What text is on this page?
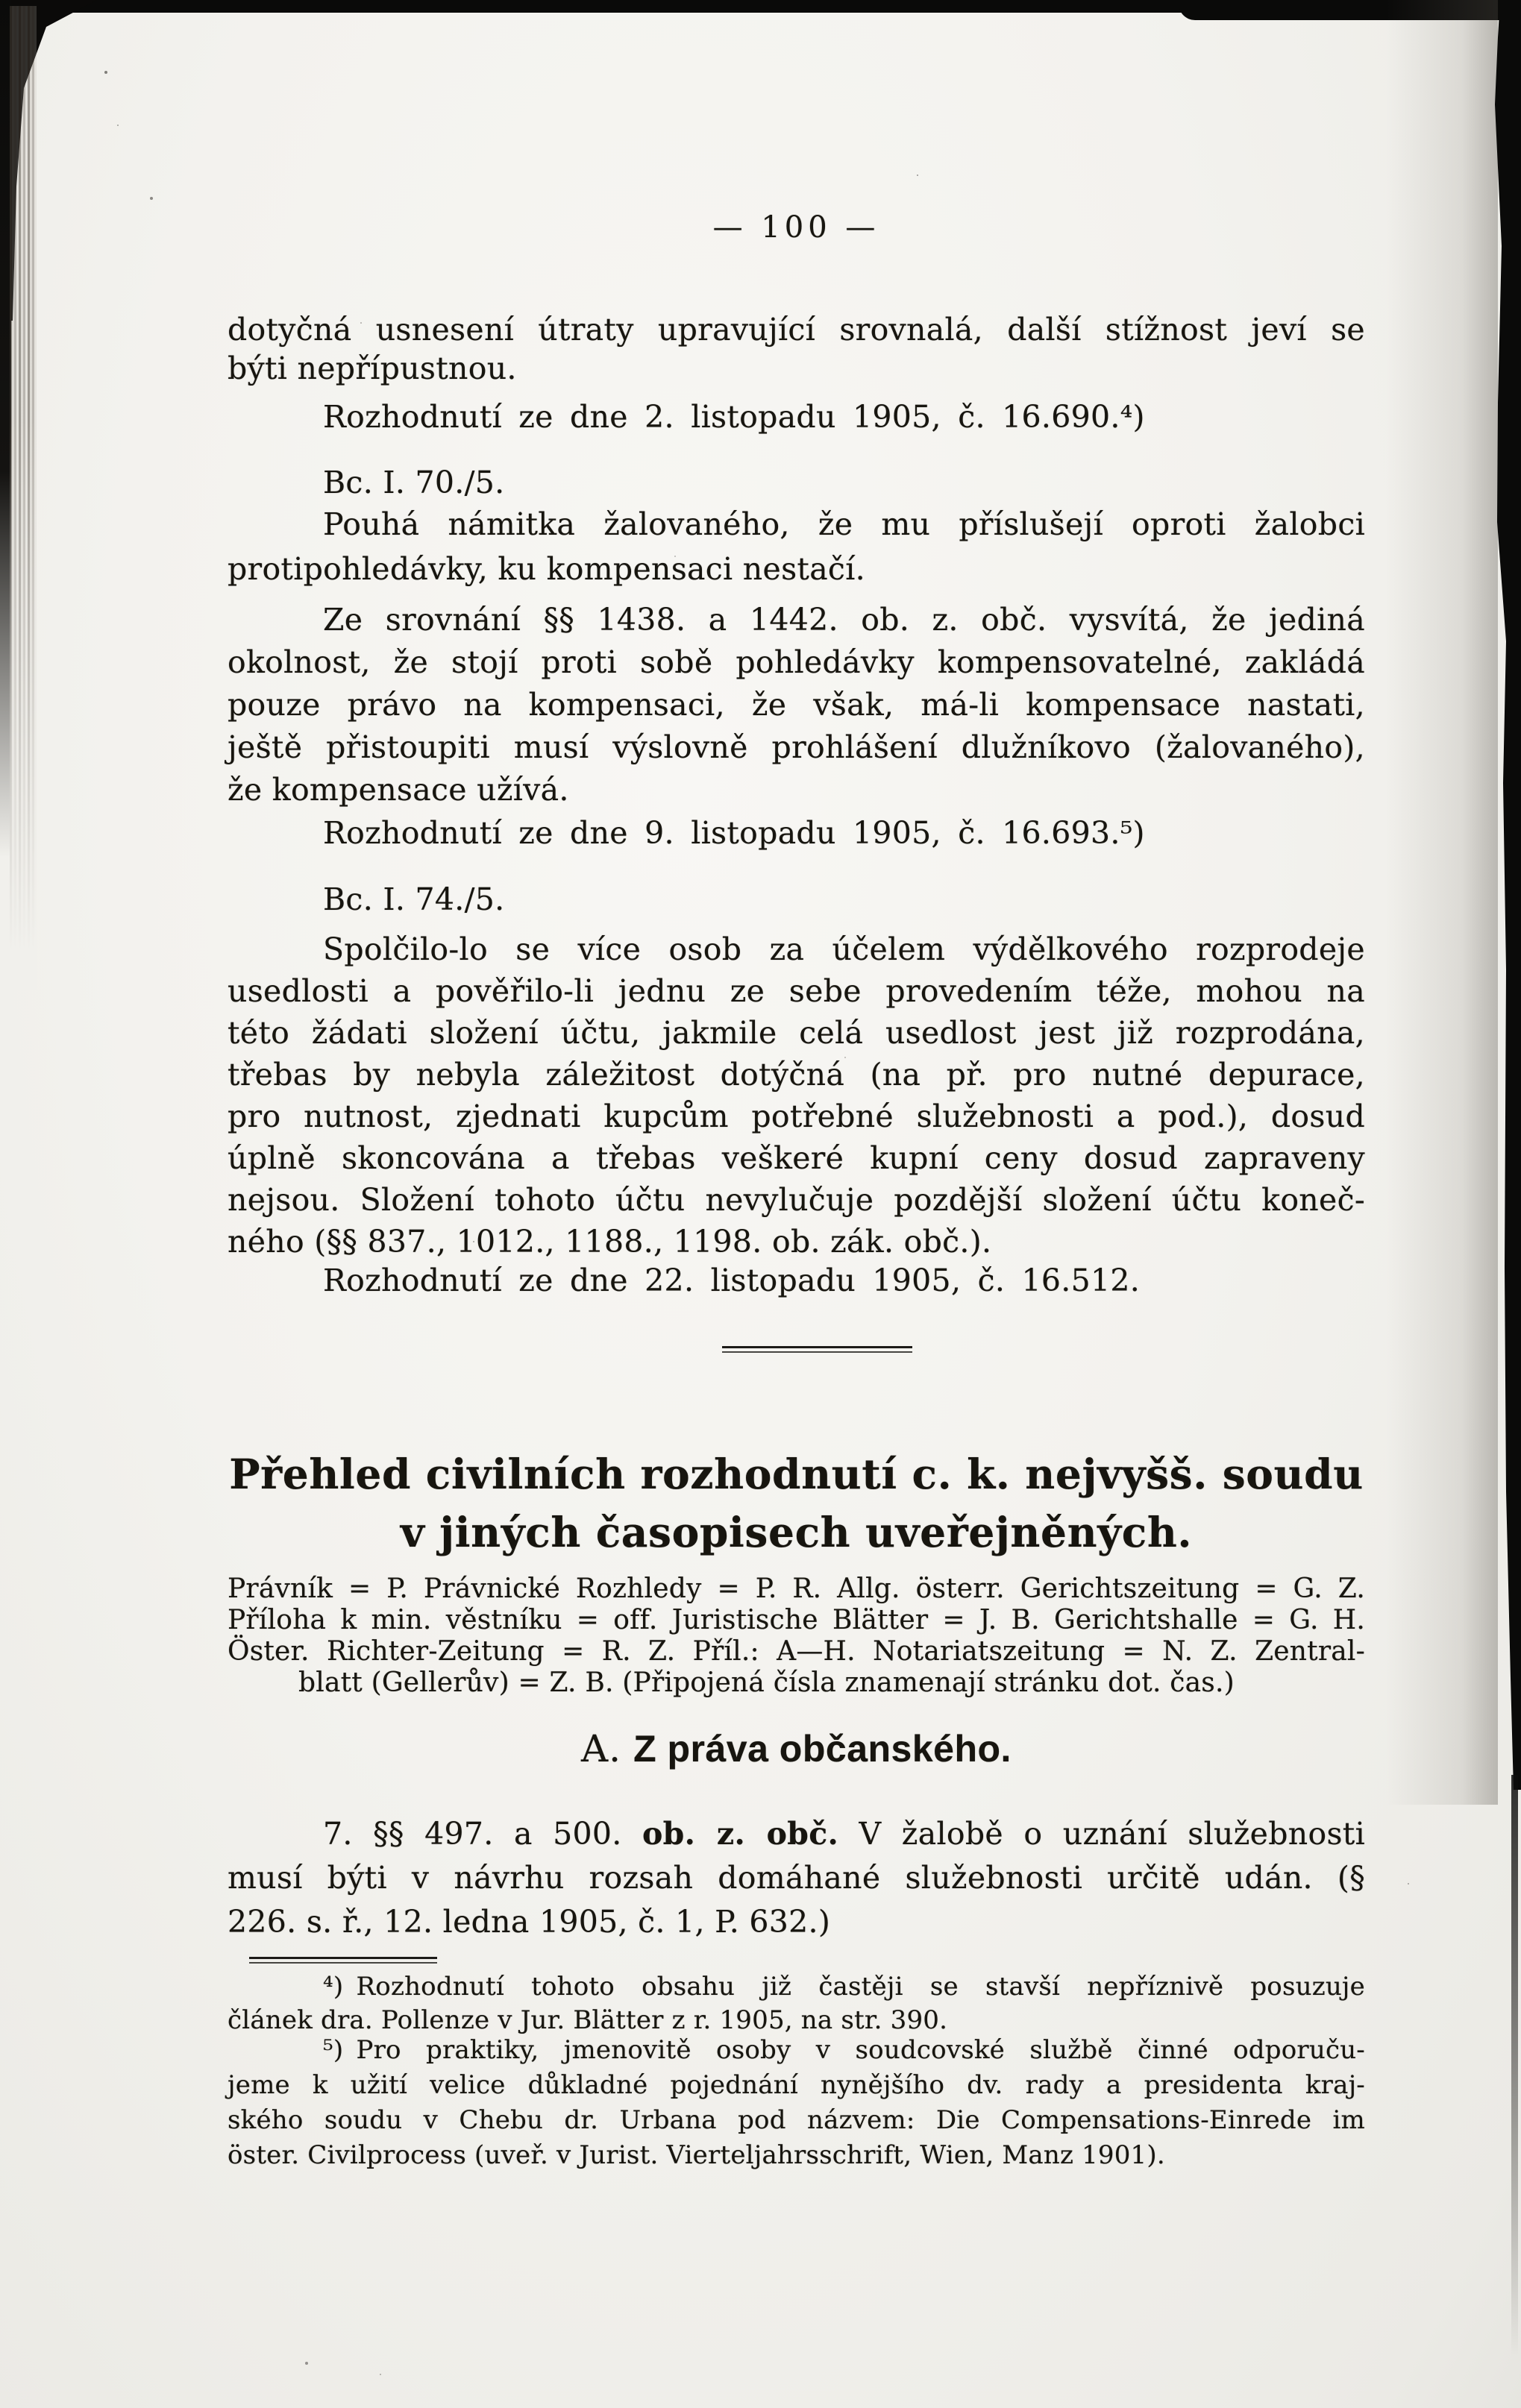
— 100 —
dotyčná usnesení útraty upravující srovnalá, další stížnost jeví se
býti nepřípustnou.
Rozhodnutí ze dne 2. listopadu 1905, č. 16.690.⁴)
Bc. I. 70./5.
Pouhá námitka žalovaného, že mu příslušejí oproti žalobci
protipohledávky, ku kompensaci nestačí.
Ze srovnání §§ 1438. a 1442. ob. z. obč. vysvítá, že jediná
okolnost, že stojí proti sobě pohledávky kompensovatelné, zakládá
pouze právo na kompensaci, že však, má-li kompensace nastati,
ještě přistoupiti musí výslovně prohlášení dlužníkovo (žalovaného),
že kompensace užívá.
Rozhodnutí ze dne 9. listopadu 1905, č. 16.693.⁵)
Bc. I. 74./5.
Spolčilo-lo se více osob za účelem výdělkového rozprodeje
usedlosti a pověřilo-li jednu ze sebe provedením téže, mohou na
této žádati složení účtu, jakmile celá usedlost jest již rozprodána,
třebas by nebyla záležitost dotýčná (na př. pro nutné depurace,
pro nutnost, zjednati kupcům potřebné služebnosti a pod.), dosud
úplně skoncována a třebas veškeré kupní ceny dosud zapraveny
nejsou. Složení tohoto účtu nevylučuje pozdější složení účtu koneč-
ného (§§ 837., 1012., 1188., 1198. ob. zák. obč.).
Rozhodnutí ze dne 22. listopadu 1905, č. 16.512.
Přehled civilních rozhodnutí c. k. nejvyšš. soudu
v jiných časopisech uveřejněných.
Právník = P. Právnické Rozhledy = P. R. Allg. österr. Gerichtszeitung = G. Z.
Příloha k min. věstníku = off. Juristische Blätter = J. B. Gerichtshalle = G. H.
Öster. Richter-Zeitung = R. Z. Příl.: A—H. Notariatszeitung = N. Z. Zentral-
blatt (Gellerův) = Z. B. (Připojená čísla znamenají stránku dot. čas.)
A. Z práva občanského.
7. §§ 497. a 500. ob. z. obč. V žalobě o uznání služebnosti
musí býti v návrhu rozsah domáhané služebnosti určitě udán. (§
226. s. ř., 12. ledna 1905, č. 1, P. 632.)
⁴) Rozhodnutí tohoto obsahu již častěji se stavší nepříznivě posuzuje
článek dra. Pollenze v Jur. Blätter z r. 1905, na str. 390.
⁵) Pro praktiky, jmenovitě osoby v soudcovské službě činné odporuču-
jeme k užití velice důkladné pojednání nynějšího dv. rady a presidenta kraj-
ského soudu v Chebu dr. Urbana pod názvem: Die Compensations-Einrede im
öster. Civilprocess (uveř. v Jurist. Vierteljahrsschrift, Wien, Manz 1901).
